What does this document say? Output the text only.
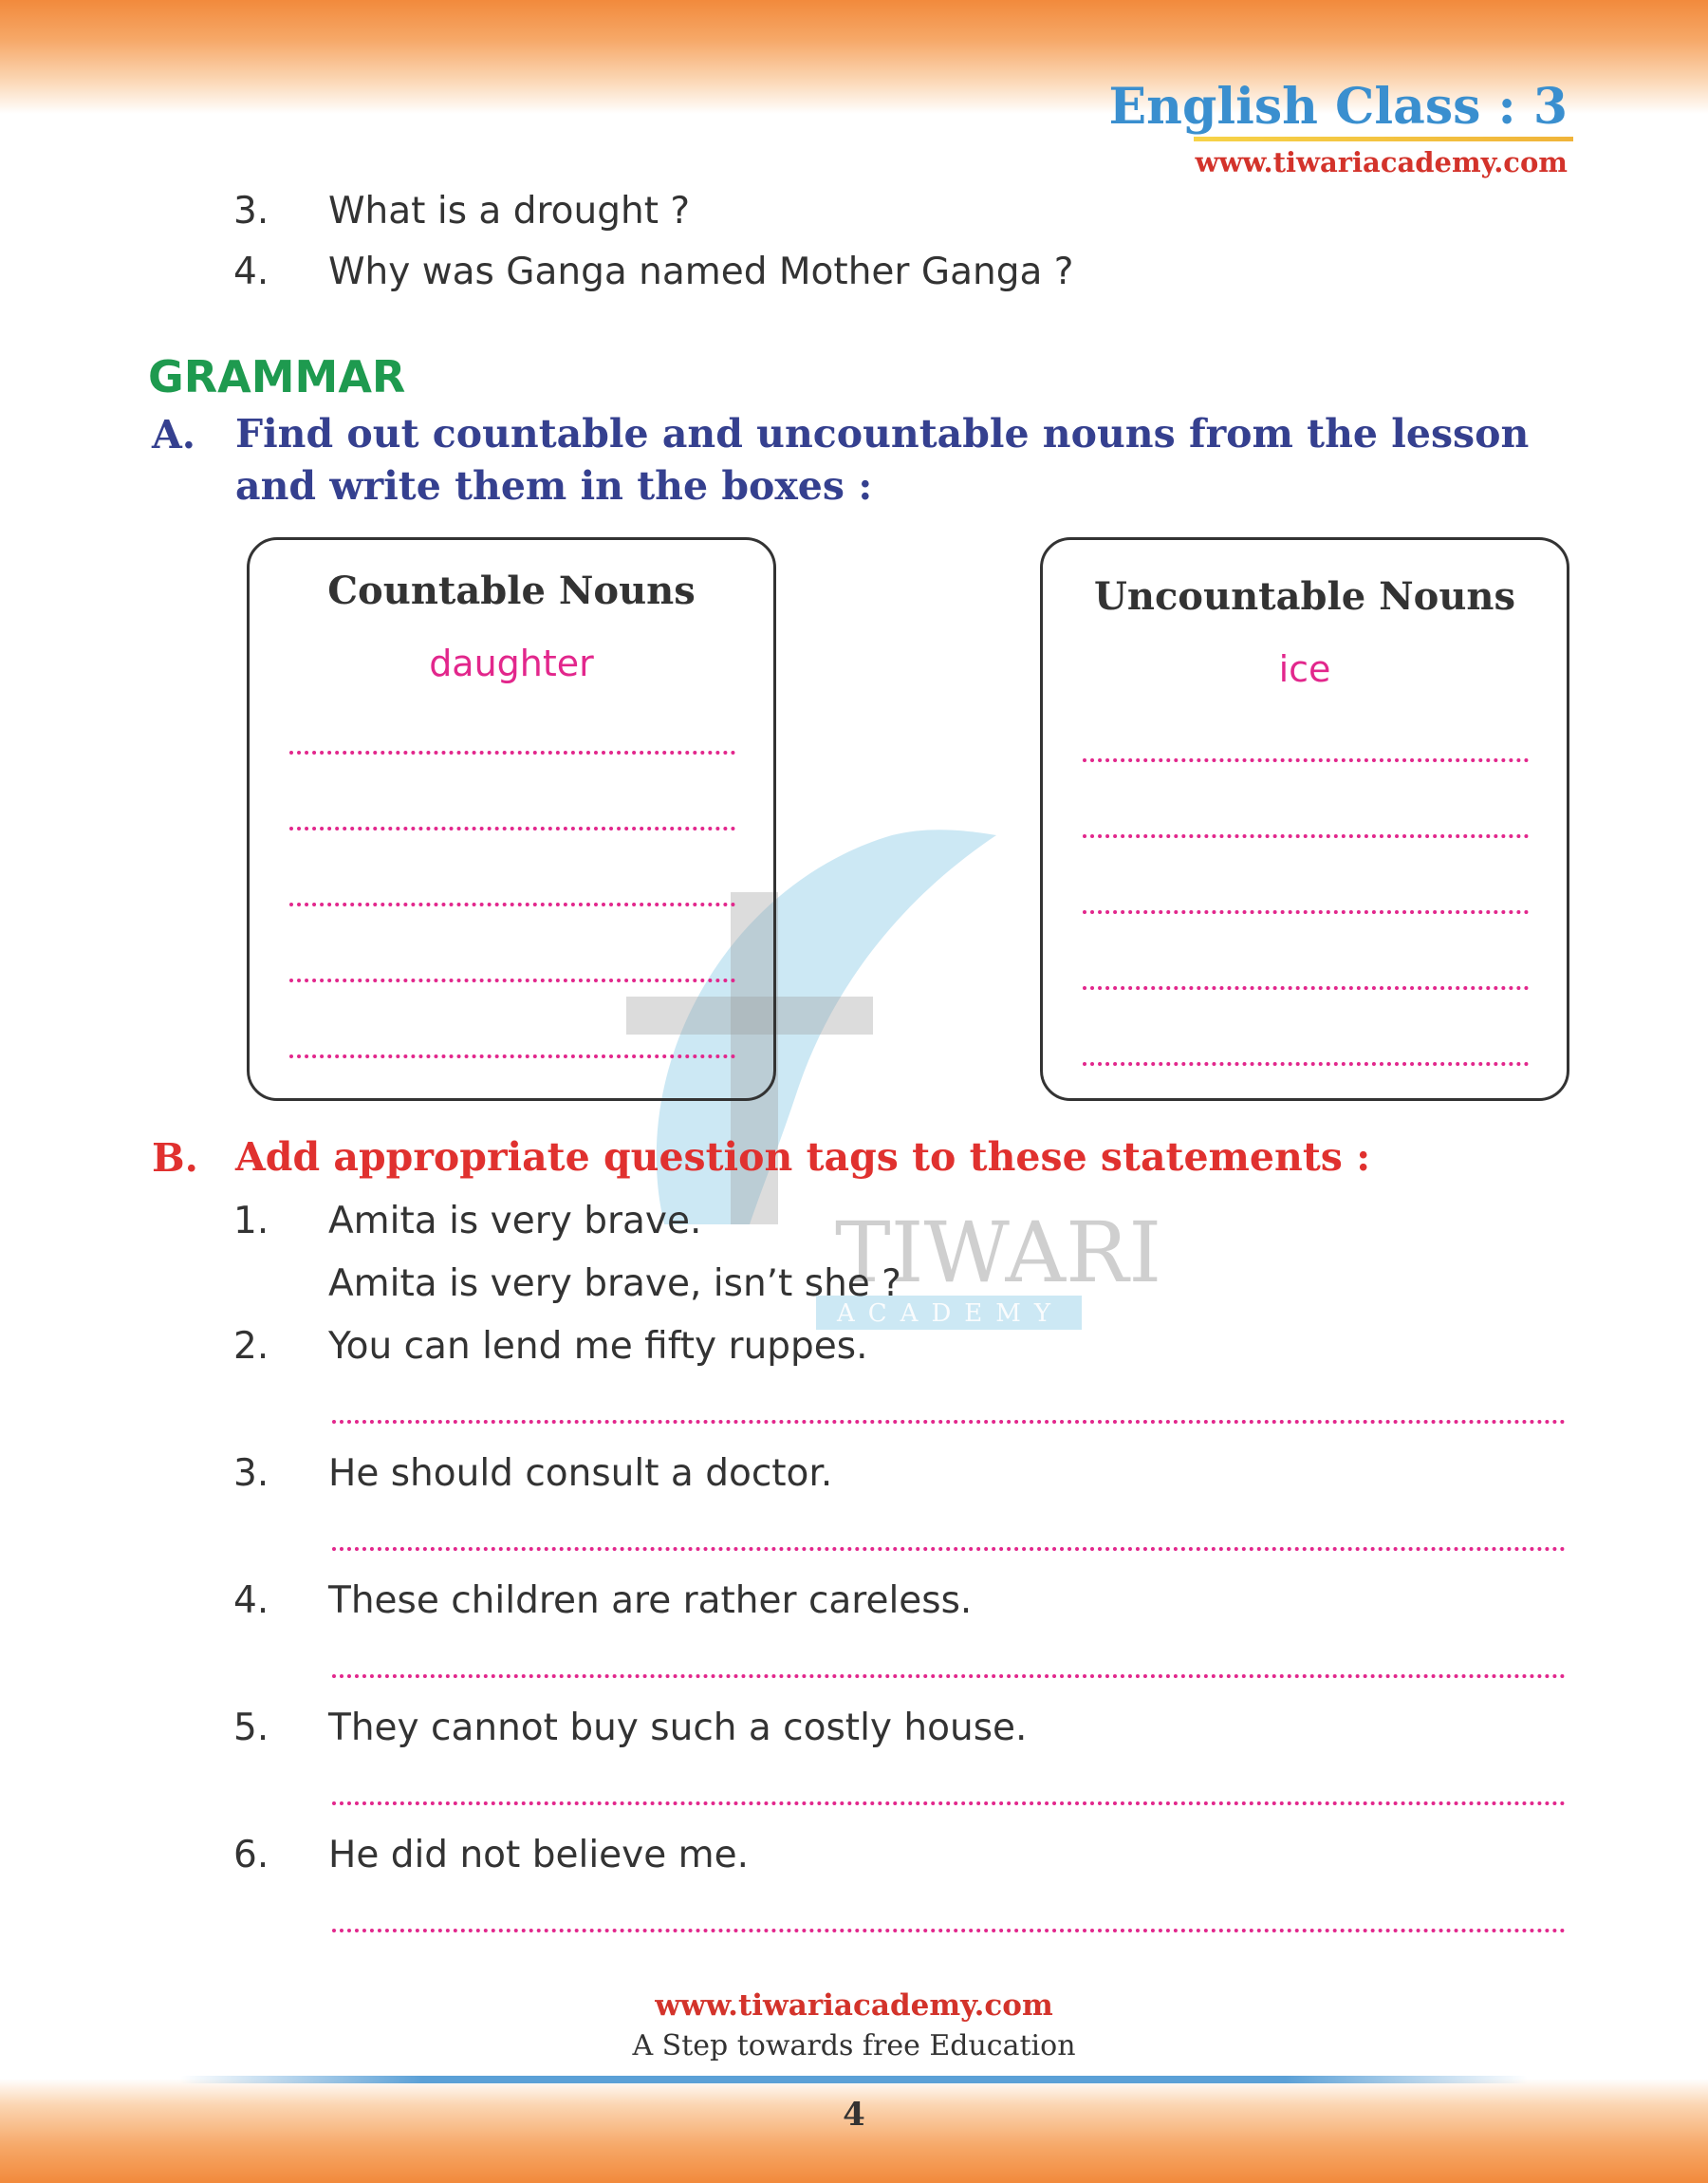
TIWARI
ACADEMY
English Class : 3
www.tiwariacademy.com
3. What is a drought ?
4. Why was Ganga named Mother Ganga ?
GRAMMAR
A. Find out countable and uncountable nouns from the lesson and write them in the boxes :
Countable Nouns
daughter
Uncountable Nouns
ice
B. Add appropriate question tags to these statements :
1. Amita is very brave.
Amita is very brave, isn’t she ?
2. You can lend me fifty ruppes.
3. He should consult a doctor.
4. These children are rather careless.
5. They cannot buy such a costly house.
6. He did not believe me.
www.tiwariacademy.com
A Step towards free Education
4
